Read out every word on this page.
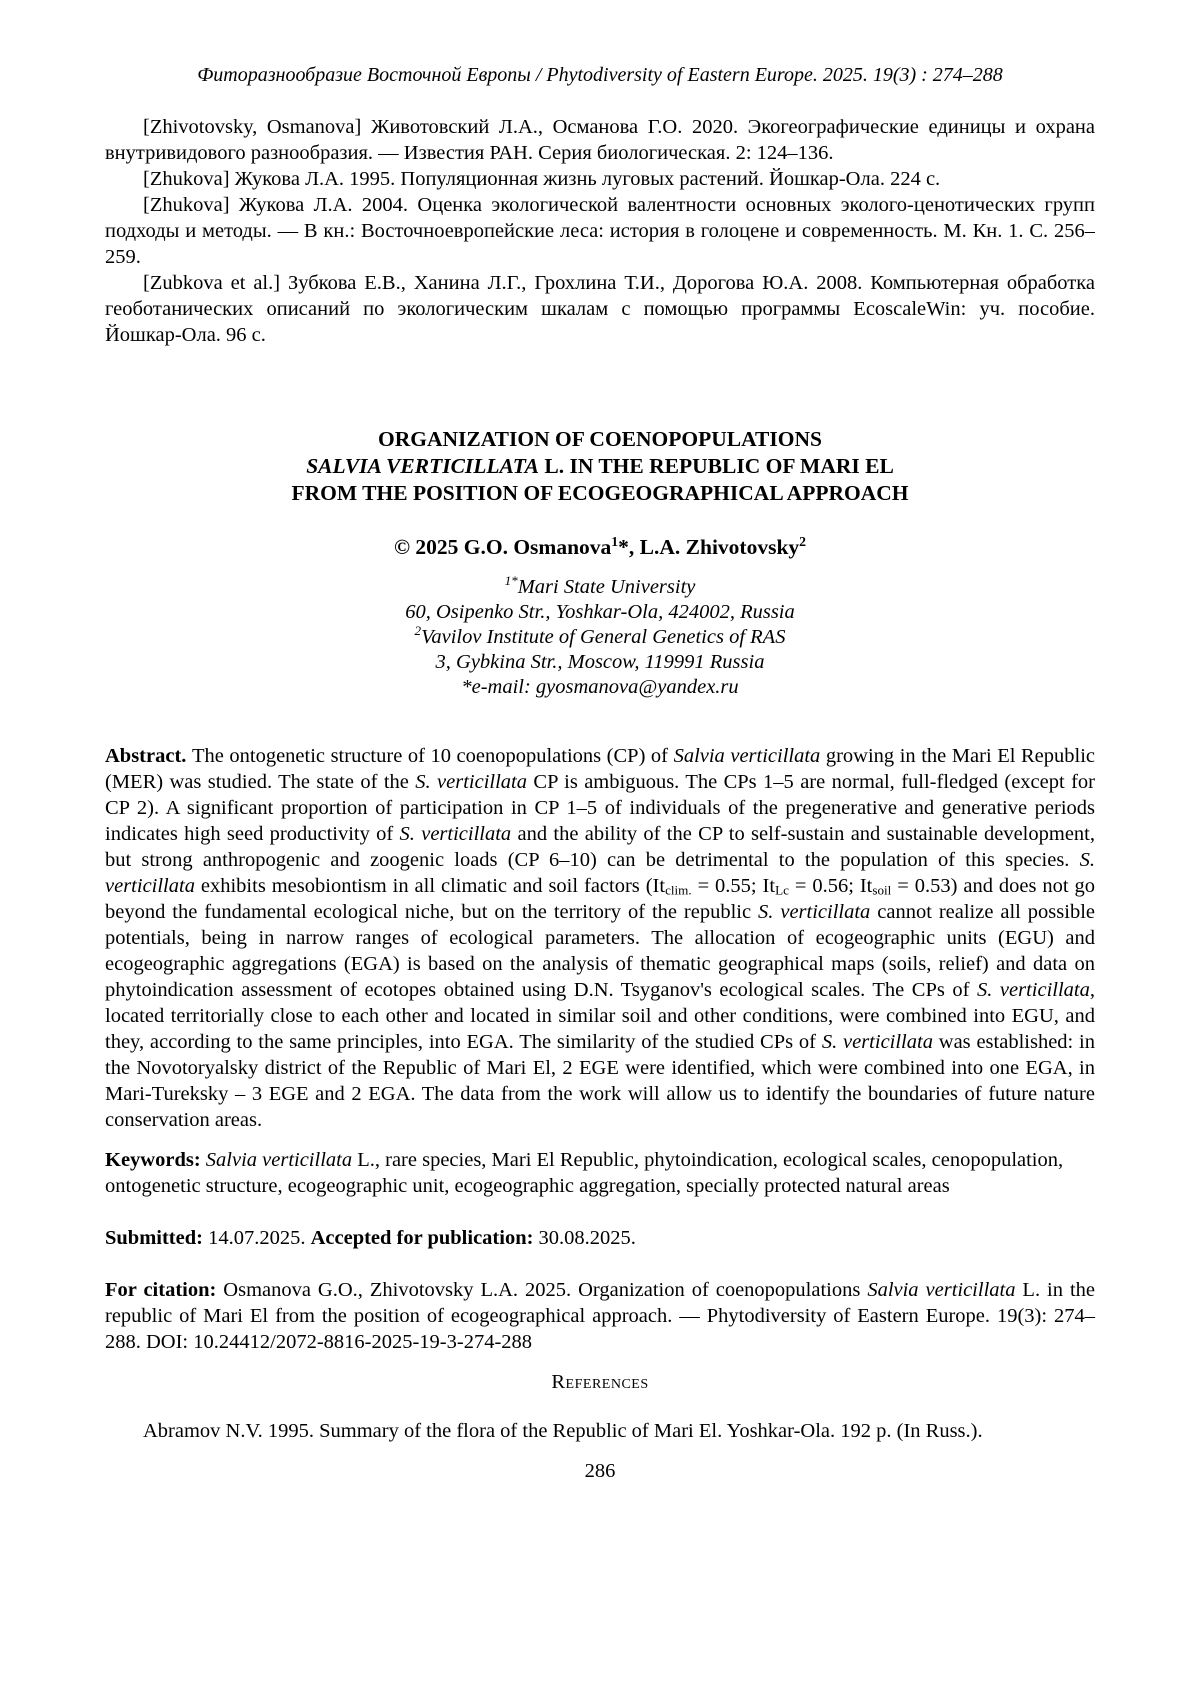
Фиторазнообразие Восточной Европы / Phytodiversity of Eastern Europe. 2025. 19(3) : 274–288

[Zhivotovsky, Osmanova] Животовский Л.А., Османова Г.О. 2020. Экогеографические единицы и охрана внутривидового разнообразия. — Известия РАН. Серия биологическая. 2: 124–136.

[Zhukova] Жукова Л.А. 1995. Популяционная жизнь луговых растений. Йошкар-Ола. 224 с.

[Zhukova] Жукова Л.А. 2004. Оценка экологической валентности основных эколого-ценотических групп подходы и методы. — В кн.: Восточноевропейские леса: история в голоцене и современность. М. Кн. 1. С. 256–259.

[Zubkova et al.] Зубкова Е.В., Ханина Л.Г., Грохлина Т.И., Дорогова Ю.А. 2008. Компьютерная обработка геоботанических описаний по экологическим шкалам с помощью программы EcoscaleWin: уч. пособие. Йошкар-Ола. 96 с.

ORGANIZATION OF COENOPOPULATIONS
SALVIA VERTICILLATA L. IN THE REPUBLIC OF MARI EL
FROM THE POSITION OF ECOGEOGRAPHICAL APPROACH
© 2025 G.O. Osmanova$^1$*, L.A. Zhivotovsky$^2$
$^{1*}$Mari State University
60, Osipenko Str., Yoshkar-Ola, 424002, Russia
$^2$Vavilov Institute of General Genetics of RAS
3, Gybkina Str., Moscow, 119991 Russia
*e-mail: gyosmanova@yandex.ru

Abstract. The ontogenetic structure of 10 coenopopulations (CP) of Salvia verticillata growing in the Mari El Republic (MER) was studied. The state of the S. verticillata CP is ambiguous. The CPs 1–5 are normal, full-fledged (except for CP 2). A significant proportion of participation in CP 1–5 of individuals of the pregenerative and generative periods indicates high seed productivity of S. verticillata and the ability of the CP to self-sustain and sustainable development, but strong anthropogenic and zoogenic loads (CP 6–10) can be detrimental to the population of this species. S. verticillata exhibits mesobiontism in all climatic and soil factors ($It_{clim.} = 0.55$; $It_{Lc} = 0.56$; $It_{soil} = 0.53$) and does not go beyond the fundamental ecological niche, but on the territory of the republic S. verticillata cannot realize all possible potentials, being in narrow ranges of ecological parameters. The allocation of ecogeographic units (EGU) and ecogeographic aggregations (EGA) is based on the analysis of thematic geographical maps (soils, relief) and data on phytoindication assessment of ecotopes obtained using D.N. Tsyganov's ecological scales. The CPs of S. verticillata, located territorially close to each other and located in similar soil and other conditions, were combined into EGU, and they, according to the same principles, into EGA. The similarity of the studied CPs of S. verticillata was established: in the Novotoryalsky district of the Republic of Mari El, 2 EGE were identified, which were combined into one EGA, in Mari-Tureksky – 3 EGE and 2 EGA. The data from the work will allow us to identify the boundaries of future nature conservation areas.

Keywords: Salvia verticillata L., rare species, Mari El Republic, phytoindication, ecological scales, cenopopulation, ontogenetic structure, ecogeographic unit, ecogeographic aggregation, specially protected natural areas

Submitted: 14.07.2025. Accepted for publication: 30.08.2025.

For citation: Osmanova G.O., Zhivotovsky L.A. 2025. Organization of coenopopulations Salvia verticillata L. in the republic of Mari El from the position of ecogeographical approach. — Phytodiversity of Eastern Europe. 19(3): 274–288. DOI: 10.24412/2072-8816-2025-19-3-274-288

References

Abramov N.V. 1995. Summary of the flora of the Republic of Mari El. Yoshkar-Ola. 192 p. (In Russ.).

286
